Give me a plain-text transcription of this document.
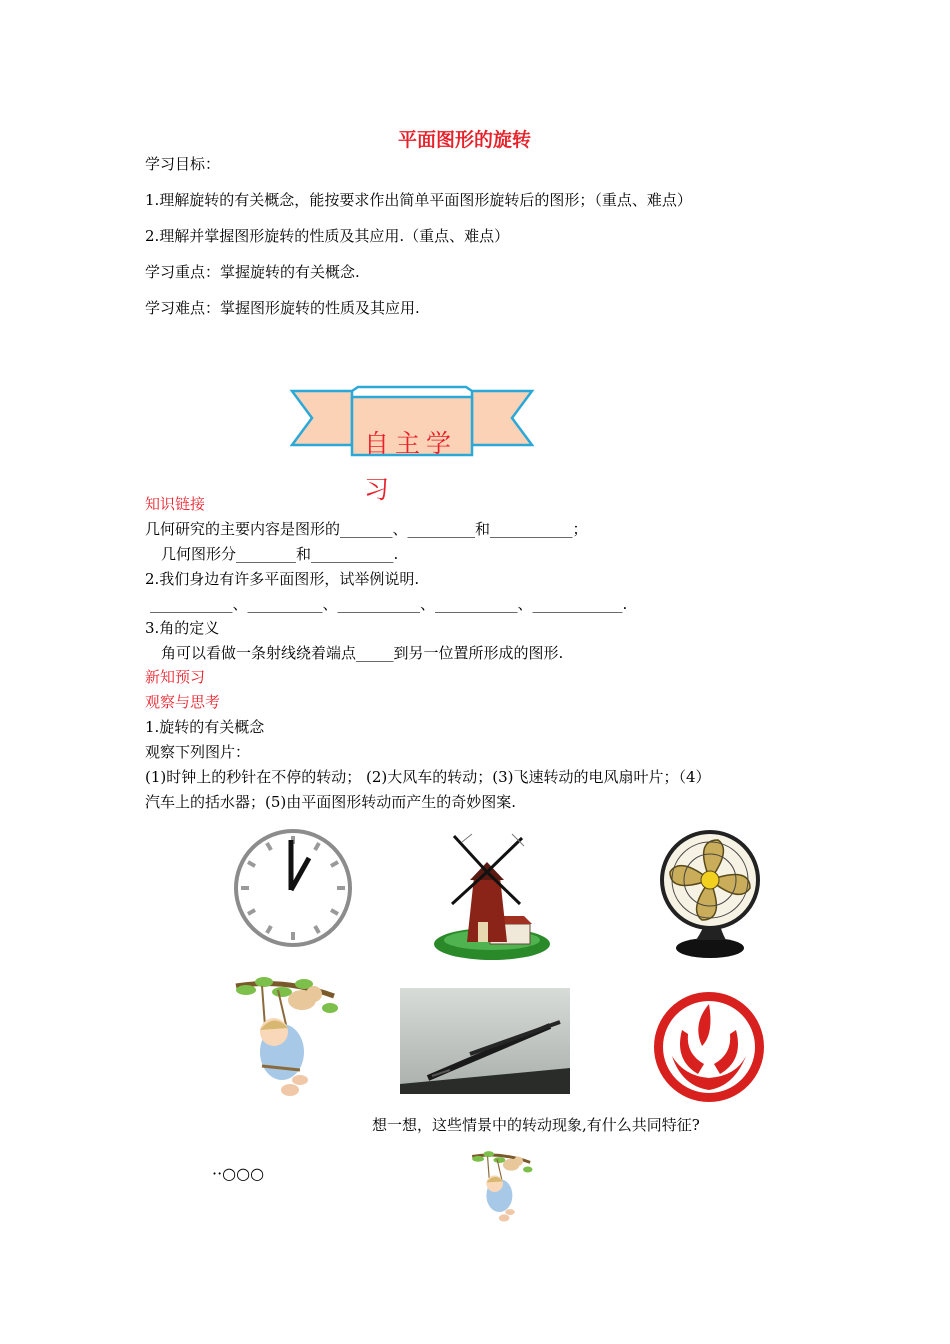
平面图形的旋转
学习目标：
1.理解旋转的有关概念，能按要求作出简单平面图形旋转后的图形；（重点、难点）
2.理解并掌握图形旋转的性质及其应用.（重点、难点）
学习重点：掌握旋转的有关概念.
学习难点：掌握图形旋转的性质及其应用.
自主学
习
知识链接
几何研究的主要内容是图形的_______、_________和___________；
几何图形分________和___________.
2.我们身边有许多平面图形，试举例说明.
___________、__________、___________、___________、____________.
3.角的定义
角可以看做一条射线绕着端点_____到另一位置所形成的图形.
新知预习
观察与思考
1.旋转的有关概念
观察下列图片：
(1)时钟上的秒针在不停的转动； (2)大风车的转动；(3)飞速转动的电风扇叶片；（4）
汽车上的括水器；(5)由平面图形转动而产生的奇妙图案.
想一想，这些情景中的转动现象,有什么共同特征?
··○○○
